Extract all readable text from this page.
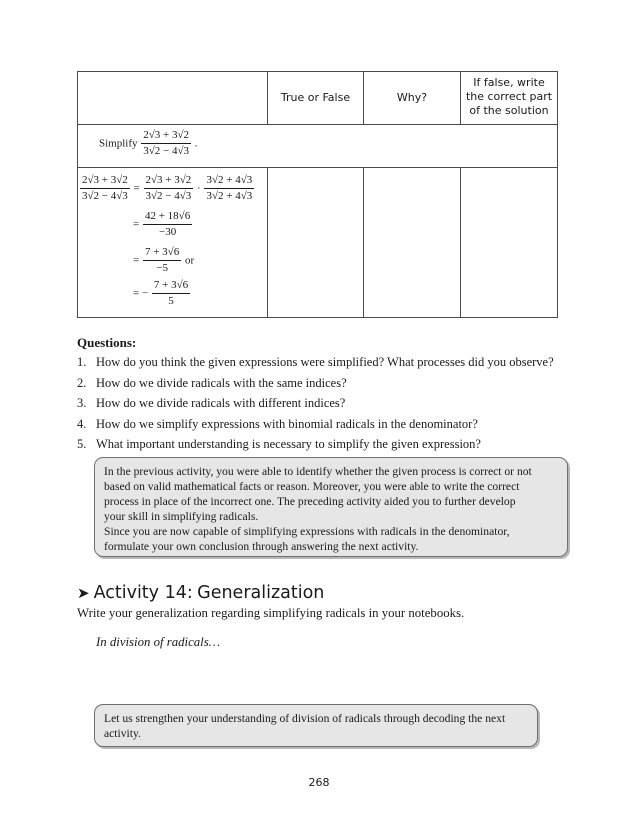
True or False	Why?
If false, write
the correct part
of the solution
Simplify $\frac{2√3 + 3√2}{3√2 - 4√3}$ .
$\frac{2√3 + 3√2}{3√2 - 4√3} = \frac{2√3 + 3√2}{3√2 - 4√3} \cdot \frac{3√2 + 4√3}{3√2 + 4√3}$
= $\frac{42 + 18√6}{-30}$
= $\frac{7 + 3√6}{-5}$ or
= − $\frac{7 + 3√6}{5}$
Questions:
1. How do you think the given expressions were simplified? What processes did you observe?
2. How do we divide radicals with the same indices?
3. How do we divide radicals with different indices?
4. How do we simplify expressions with binomial radicals in the denominator?
5. What important understanding is necessary to simplify the given expression?
In the previous activity, you were able to identify whether the given process is correct or not
based on valid mathematical facts or reason. Moreover, you were able to write the correct
process in place of the incorrect one. The preceding activity aided you to further develop
your skill in simplifying radicals.
Since you are now capable of simplifying expressions with radicals in the denominator,
formulate your own conclusion through answering the next activity.
➤ Activity 14: Generalization
Write your generalization regarding simplifying radicals in your notebooks.
In division of radicals…
Let us strengthen your understanding of division of radicals through decoding the next
activity.
268
